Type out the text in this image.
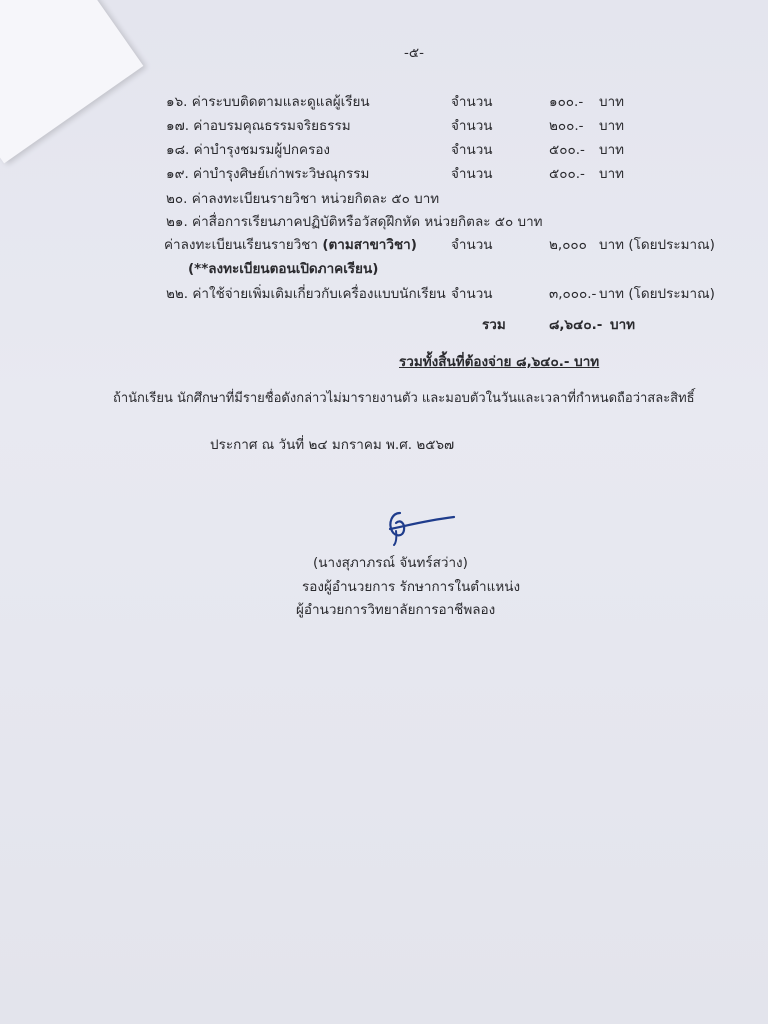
-๕-
๑๖. ค่าระบบติดตามและดูแลผู้เรียน	จำนวน	๑๐๐.- บาท
๑๗. ค่าอบรมคุณธรรมจริยธรรม	จำนวน	๒๐๐.- บาท
๑๘. ค่าบำรุงชมรมผู้ปกครอง	จำนวน	๕๐๐.- บาท
๑๙. ค่าบำรุงศิษย์เก่าพระวิษณุกรรม	จำนวน	๕๐๐.- บาท
๒๐. ค่าลงทะเบียนรายวิชา หน่วยกิตละ ๕๐ บาท
๒๑. ค่าสื่อการเรียนภาคปฏิบัติหรือวัสดุฝึกหัด หน่วยกิตละ ๕๐ บาท
ค่าลงทะเบียนเรียนรายวิชา (ตามสาขาวิชา)	จำนวน	๒,๐๐๐ บาท (โดยประมาณ)
(**ลงทะเบียนตอนเปิดภาคเรียน)
๒๒. ค่าใช้จ่ายเพิ่มเติมเกี่ยวกับเครื่องแบบนักเรียน จำนวน	๓,๐๐๐.- บาท (โดยประมาณ)
รวม	๘,๖๔๐.- บาท
รวมทั้งสิ้นที่ต้องจ่าย ๘,๖๔๐.- บาท
ถ้านักเรียน นักศึกษาที่มีรายชื่อดังกล่าวไม่มารายงานตัว และมอบตัวในวันและเวลาที่กำหนดถือว่าสละสิทธิ์
ประกาศ ณ วันที่ ๒๔ มกราคม พ.ศ. ๒๕๖๗
(นางสุภาภรณ์ จันทร์สว่าง)
รองผู้อำนวยการ รักษาการในตำแหน่ง
ผู้อำนวยการวิทยาลัยการอาชีพลอง
